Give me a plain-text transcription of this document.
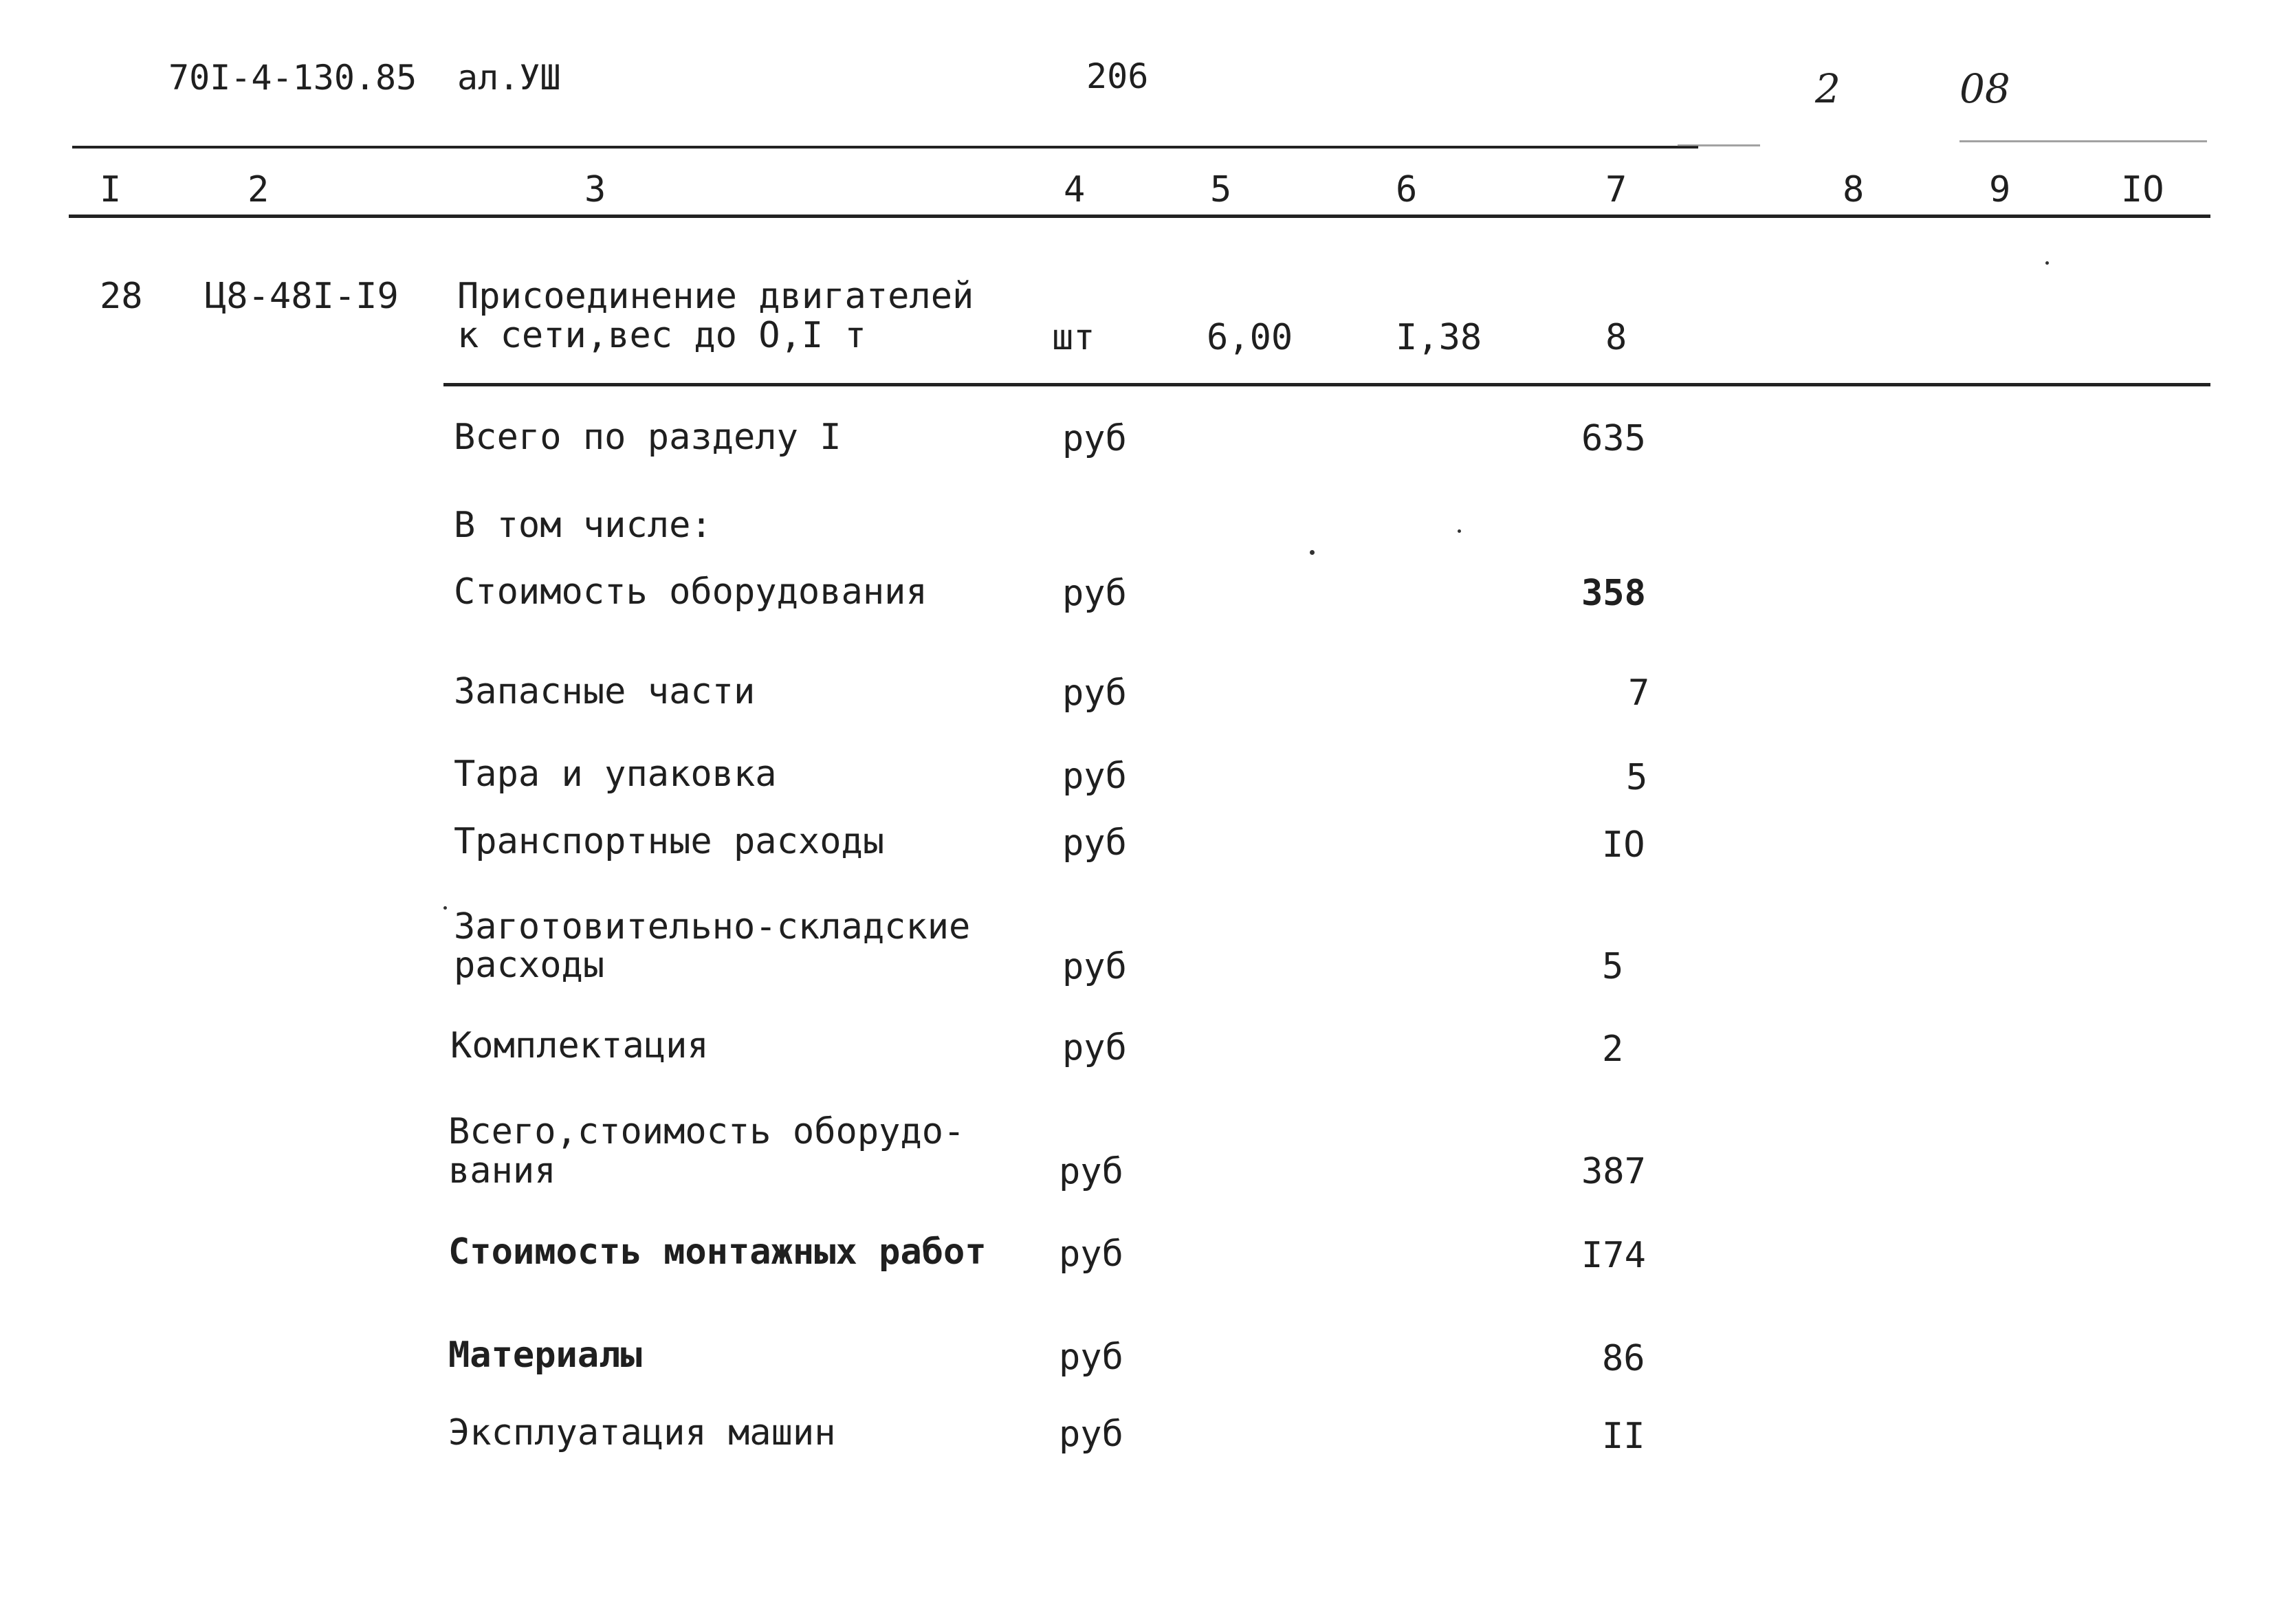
70I-4-130.85 ал.УШ	206	2	08
I	2	3	4	5	6	7	8	9	IO
28 Ц8-48I-I9 Присоединение двигателей
к сети,вес до О,I т	шт	6,00	I,38	8
Всего по разделу I	руб	635
В том числе:
Стоимость оборудования	руб	358
Запасные части	руб	7
Тара и упаковка	руб	5
Транспортные расходы	руб	IO
Заготовительно-складские
расходы	руб	5
Комплектация	руб	2
Всего,стоимость оборудо-
вания	руб	387
Стоимость монтажных работ руб	I74
Материалы	руб	86
Эксплуатация машин	руб	II
